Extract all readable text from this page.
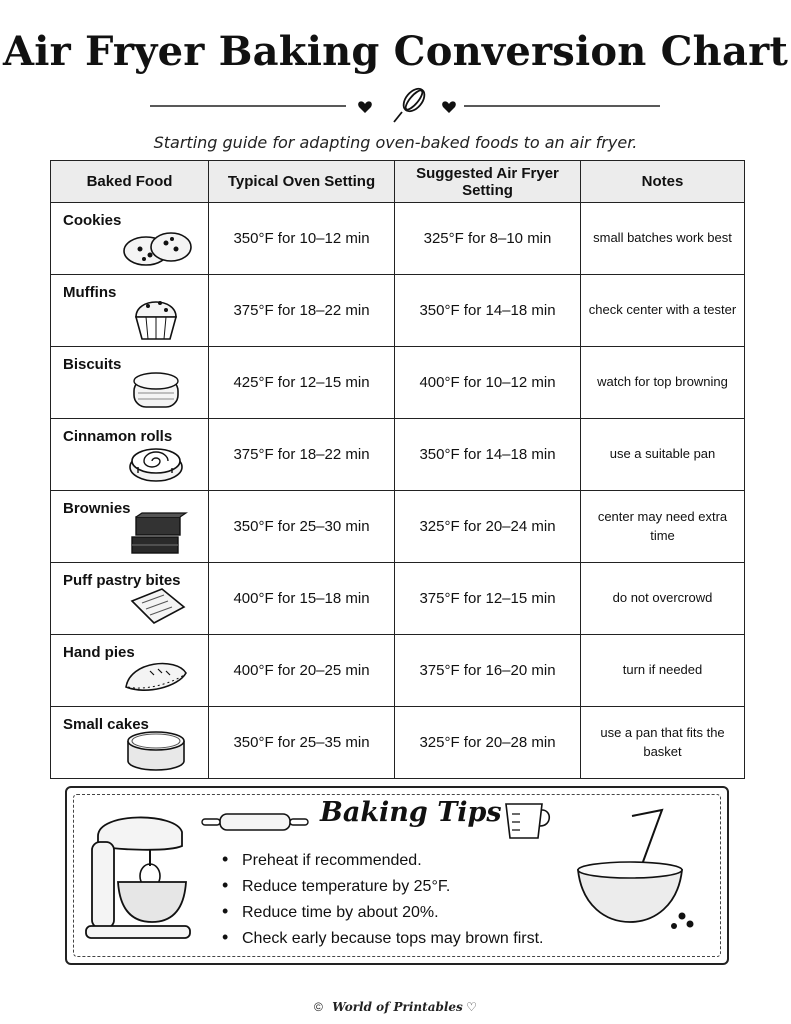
Air Fryer Baking Conversion Chart
Starting guide for adapting oven-baked foods to an air fryer.
Baked Food	Typical Oven Setting	Suggested Air Fryer Setting	Notes

Cookies	350°F for 10–12 min	325°F for 8–10 min	small batches work best

Muffins	375°F for 18–22 min	350°F for 14–18 min	check center with a tester

Biscuits	425°F for 12–15 min	400°F for 10–12 min	watch for top browning

Cinnamon rolls	375°F for 18–22 min	350°F for 14–18 min	use a suitable pan

Brownies	350°F for 25–30 min	325°F for 20–24 min	center may need extra time

Puff pastry bites	400°F for 15–18 min	375°F for 12–15 min	do not overcrowd

Hand pies	400°F for 20–25 min	375°F for 16–20 min	turn if needed

Small cakes	350°F for 25–35 min	325°F for 20–28 min	use a pan that fits the basket
Baking Tips
• Preheat if recommended.
• Reduce temperature by 25°F.
• Reduce time by about 20%.
• Check early because tops may brown first.
© World of Printables ♡
